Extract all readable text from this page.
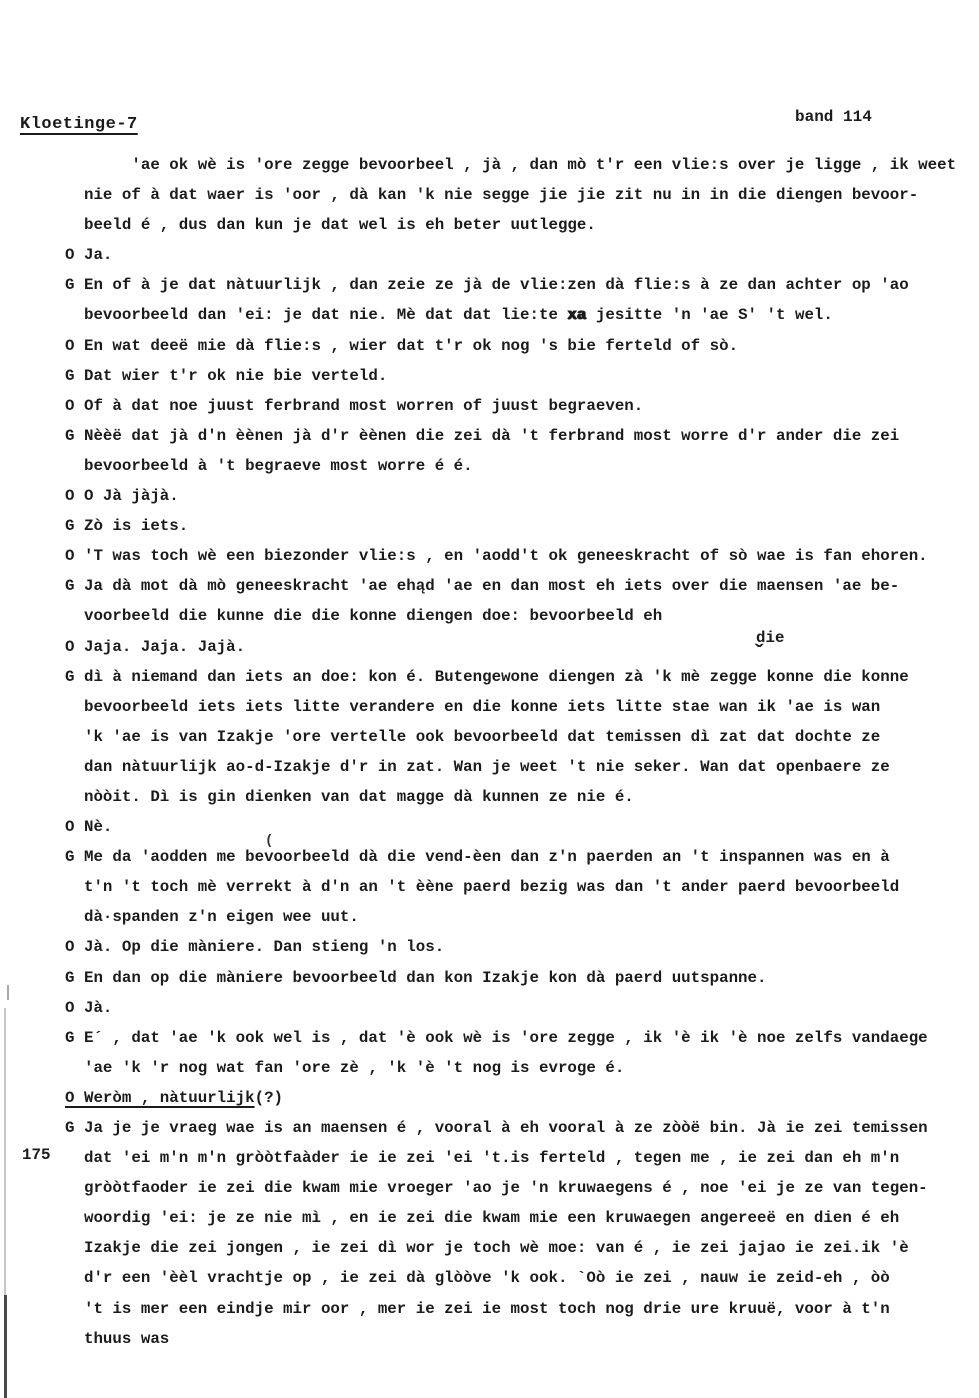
Kloetinge-7	band 114
175
die
ˇ
(
'ae ok wè is 'ore zegge bevoorbeel , jà , dan mò t'r een vlie:s over je ligge , ik weet
nie of à dat waer is 'oor , dà kan 'k nie segge jie jie zit nu in in die diengen bevoor-
beeld é , dus dan kun je dat wel is eh beter uutlegge.
O Ja.
G En of à je dat nàtuurlijk , dan zeie ze jà de vlie:zen dà flie:s à ze dan achter op 'ao
bevoorbeeld dan 'ei: je dat nie. Mè dat dat lie:te xa jesitte 'n 'ae S' 't wel.
O En wat deeë mie dà flie:s , wier dat t'r ok nog 's bie ferteld of sò.
G Dat wier t'r ok nie bie verteld.
O Of à dat noe juust ferbrand most worren of juust begraeven.
G Nèèë dat jà d'n èènen jà d'r èènen die zei dà 't ferbrand most worre d'r ander die zei
bevoorbeeld à 't begraeve most worre é é.
O O Jà jàjà.
G Zò is iets.
O 'T was toch wè een biezonder vlie:s , en 'aodd't ok geneeskracht of sò wae is fan ehoren.
G Ja dà mot dà mò geneeskracht 'ae ehąd 'ae en dan most eh iets over die maensen 'ae be-
voorbeeld die kunne die die konne diengen doe: bevoorbeeld eh
O Jaja. Jaja. Jajà.
G dì à niemand dan iets an doe: kon é. Butengewone diengen zà 'k mè zegge konne die konne
bevoorbeeld iets iets litte verandere en die konne iets litte stae wan ik 'ae is wan
'k 'ae is van Izakje 'ore vertelle ook bevoorbeeld dat temissen dì zat dat dochte ze
dan nàtuurlijk ao-d-Izakje d'r in zat. Wan je weet 't nie seker. Wan dat openbaere ze
nòòit. Dì is gin dienken van dat magge dà kunnen ze nie é.
O Nè.
G Me da 'aodden me bevoorbeeld dà die vend-èen dan z'n paerden an 't inspannen was en à
t'n 't toch mè verrekt à d'n an 't èène paerd bezig was dan 't ander paerd bevoorbeeld
dà·spanden z'n eigen wee uut.
O Jà. Op die màniere. Dan stieng 'n los.
G En dan op die màniere bevoorbeeld dan kon Izakje kon dà paerd uutspanne.
O Jà.
G E´ , dat 'ae 'k ook wel is , dat 'è ook wè is 'ore zegge , ik 'è ik 'è noe zelfs vandaege
'ae 'k 'r nog wat fan 'ore zè , 'k 'è 't nog is evroge é.
O Weròm , nàtuurlijk(?)
G Ja je je vraeg wae is an maensen é , vooral à eh vooral à ze zòòë bin. Jà ie zei temissen
dat 'ei m'n m'n gròòtfaàder ie ie zei 'ei 't.is ferteld , tegen me , ie zei dan eh m'n
gròòtfaoder ie zei die kwam mie vroeger 'ao je 'n kruwaegens é , noe 'ei je ze van tegen-
woordig 'ei: je ze nie mì , en ie zei die kwam mie een kruwaegen angereeë en dien é eh
Izakje die zei jongen , ie zei dì wor je toch wè moe: van é , ie zei jajao ie zei.ik 'è
d'r een 'èèl vrachtje op , ie zei dà glòòve 'k ook. `Oò ie zei , nauw ie zeid-eh , òò
't is mer een eindje mir oor , mer ie zei ie most toch nog drie ure kruuë, voor à t'n
thuus was
